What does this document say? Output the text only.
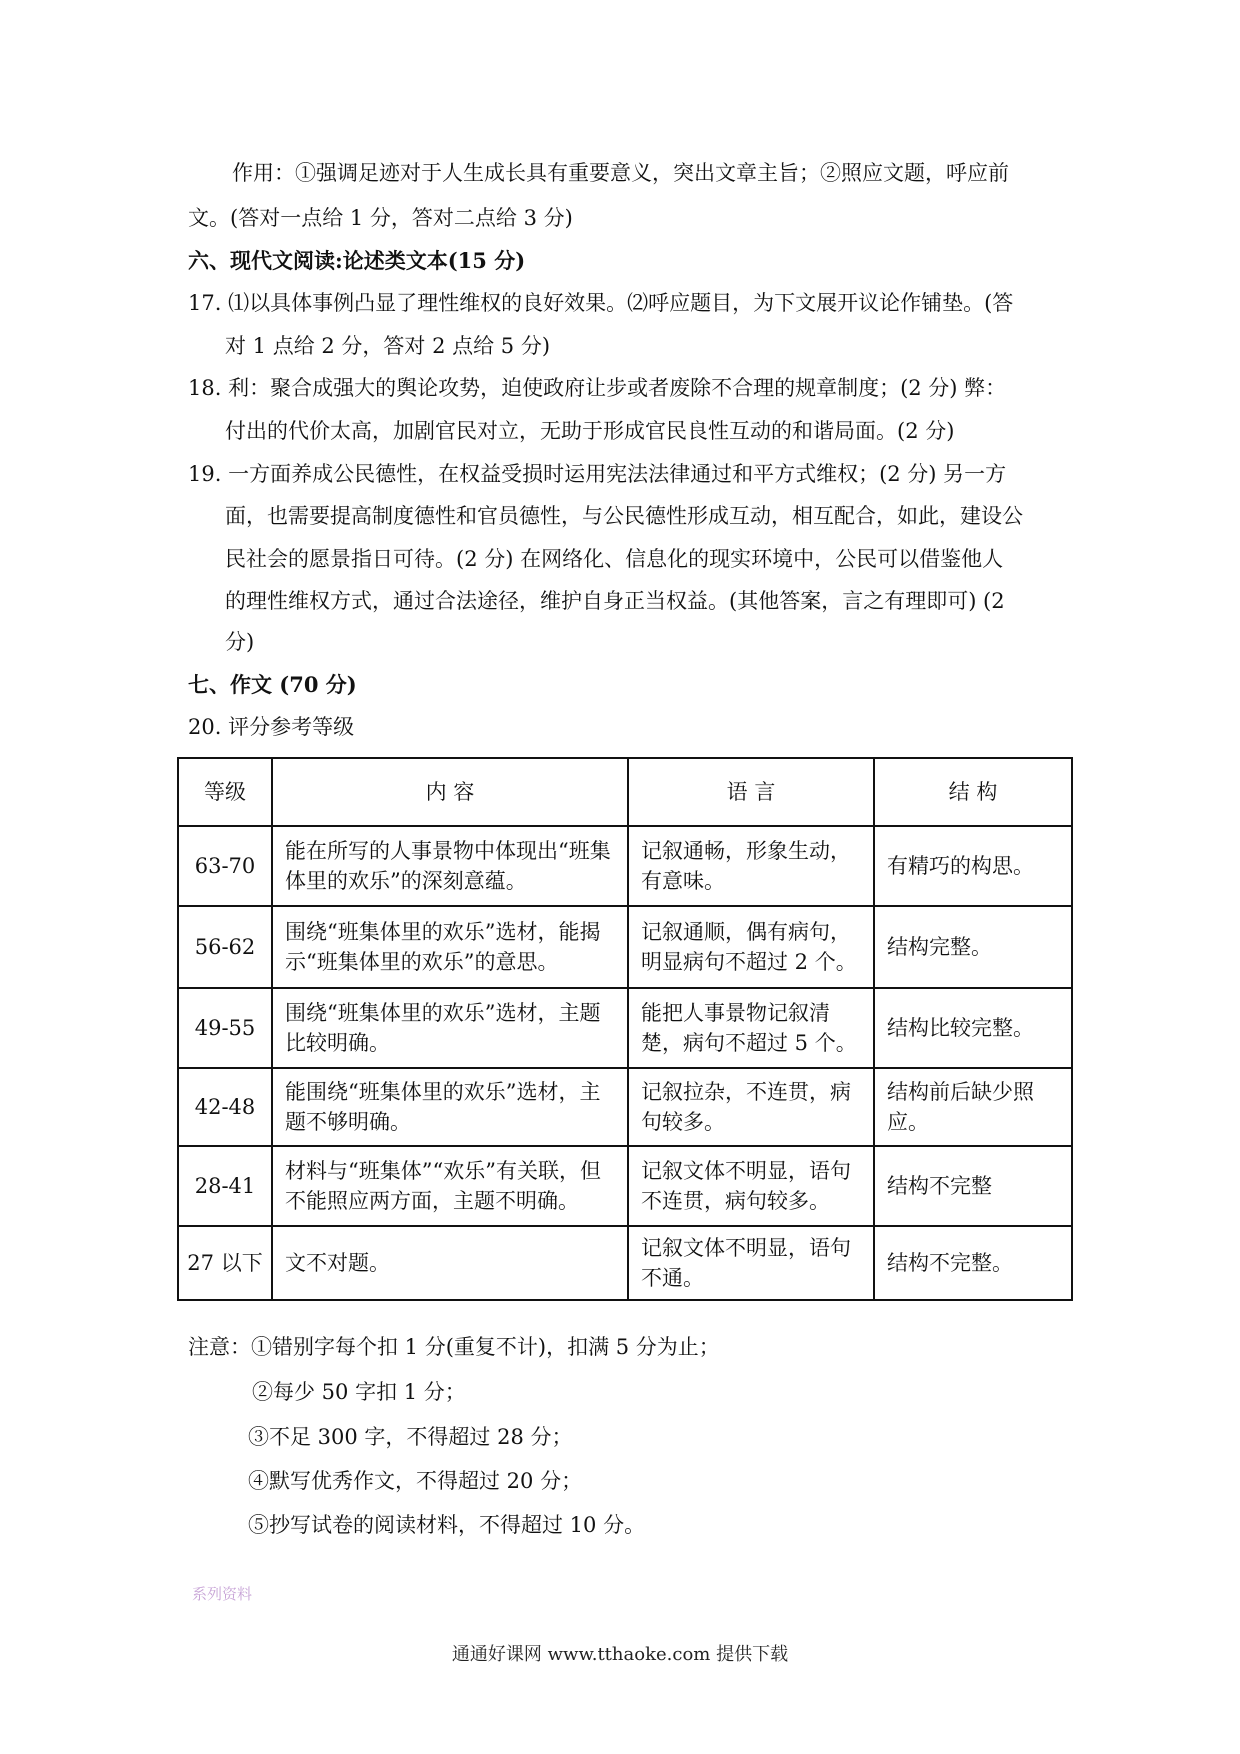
作用：①强调足迹对于人生成长具有重要意义，突出文章主旨；②照应文题，呼应前
文。(答对一点给 1 分，答对二点给 3 分)
六、现代文阅读:论述类文本(15 分)
17. ⑴以具体事例凸显了理性维权的良好效果。⑵呼应题目，为下文展开议论作铺垫。(答
对 1 点给 2 分，答对 2 点给 5 分)
18. 利：聚合成强大的舆论攻势，迫使政府让步或者废除不合理的规章制度；(2 分) 弊：
付出的代价太高，加剧官民对立，无助于形成官民良性互动的和谐局面。(2 分)
19. 一方面养成公民德性，在权益受损时运用宪法法律通过和平方式维权；(2 分) 另一方
面，也需要提高制度德性和官员德性，与公民德性形成互动，相互配合，如此，建设公
民社会的愿景指日可待。(2 分) 在网络化、信息化的现实环境中，公民可以借鉴他人
的理性维权方式，通过合法途径，维护自身正当权益。(其他答案，言之有理即可) (2
分)
七、作文 (70 分)
20. 评分参考等级
等级	内 容	语 言	结 构
63-70	能在所写的人事景物中体现出“班集体里的欢乐”的深刻意蕴。	记叙通畅，形象生动，有意味。	有精巧的构思。
56-62	围绕“班集体里的欢乐”选材，能揭示“班集体里的欢乐”的意思。	记叙通顺，偶有病句，明显病句不超过 2 个。	结构完整。
49-55	围绕“班集体里的欢乐”选材，主题比较明确。	能把人事景物记叙清楚，病句不超过 5 个。	结构比较完整。
42-48	能围绕“班集体里的欢乐”选材，主题不够明确。	记叙拉杂，不连贯，病句较多。	结构前后缺少照应。
28-41	材料与“班集体”“欢乐”有关联，但不能照应两方面，主题不明确。	记叙文体不明显，语句不连贯，病句较多。	结构不完整
27 以下	文不对题。	记叙文体不明显，语句不通。	结构不完整。
注意：①错别字每个扣 1 分(重复不计)，扣满 5 分为止；
②每少 50 字扣 1 分；
③不足 300 字，不得超过 28 分；
④默写优秀作文，不得超过 20 分；
⑤抄写试卷的阅读材料，不得超过 10 分。
系列资料
通通好课网 www.tthaoke.com 提供下载
